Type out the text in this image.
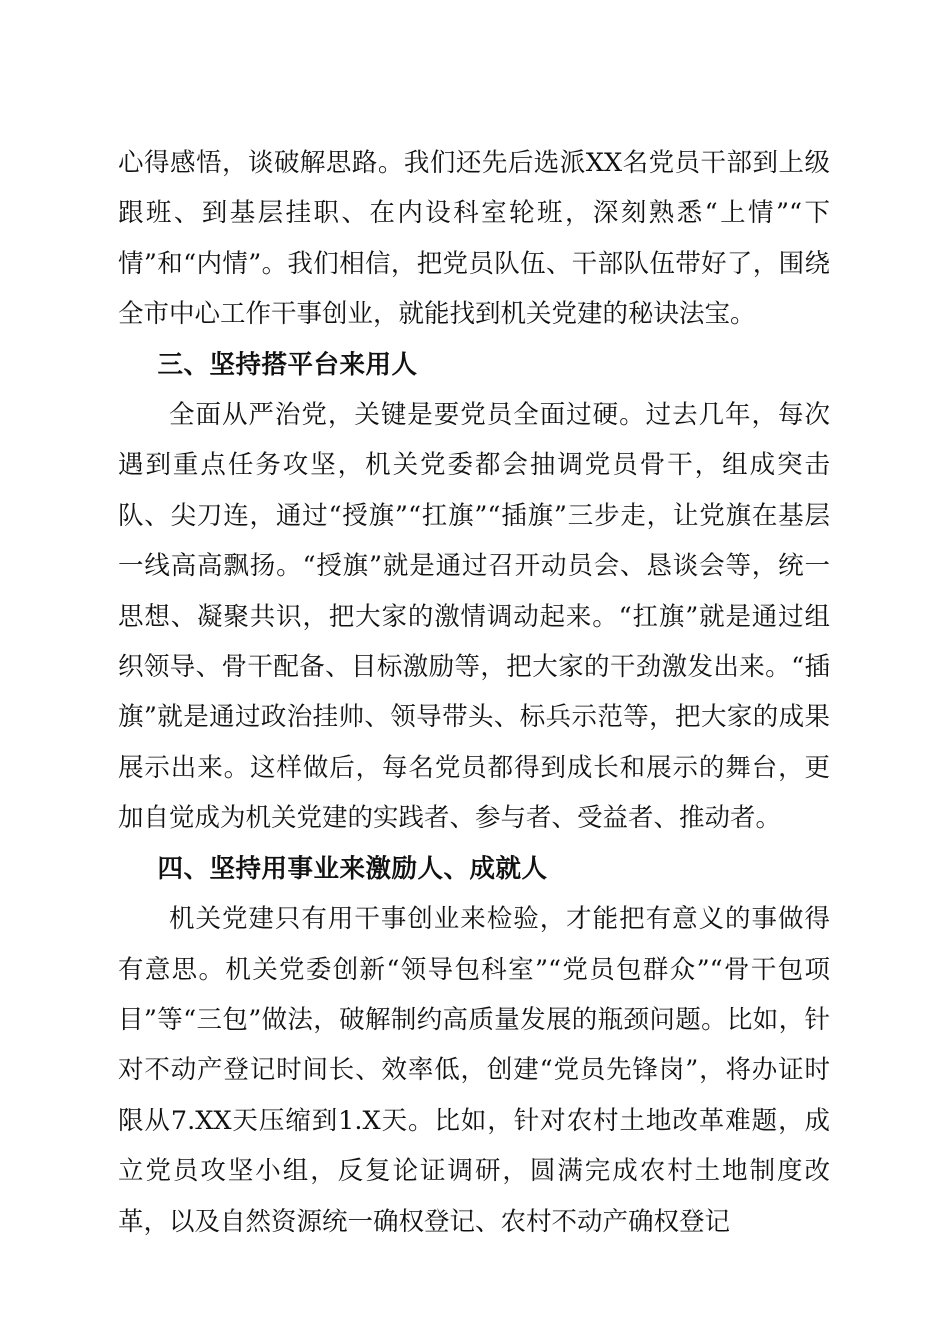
心得感悟，谈破解思路。我们还先后选派XX名党员干部到上级跟班、到基层挂职、在内设科室轮班，深刻熟悉“上情”“下情”和“内情”。我们相信，把党员队伍、干部队伍带好了，围绕全市中心工作干事创业，就能找到机关党建的秘诀法宝。

三、坚持搭平台来用人

全面从严治党，关键是要党员全面过硬。过去几年，每次遇到重点任务攻坚，机关党委都会抽调党员骨干，组成突击队、尖刀连，通过“授旗”“扛旗”“插旗”三步走，让党旗在基层一线高高飘扬。“授旗”就是通过召开动员会、恳谈会等，统一思想、凝聚共识，把大家的激情调动起来。“扛旗”就是通过组织领导、骨干配备、目标激励等，把大家的干劲激发出来。“插旗”就是通过政治挂帅、领导带头、标兵示范等，把大家的成果展示出来。这样做后，每名党员都得到成长和展示的舞台，更加自觉成为机关党建的实践者、参与者、受益者、推动者。

四、坚持用事业来激励人、成就人

机关党建只有用干事创业来检验，才能把有意义的事做得有意思。机关党委创新“领导包科室”“党员包群众”“骨干包项目”等“三包”做法，破解制约高质量发展的瓶颈问题。比如，针对不动产登记时间长、效率低，创建“党员先锋岗”，将办证时限从7.XX天压缩到1.X天。比如，针对农村土地改革难题，成立党员攻坚小组，反复论证调研，圆满完成农村土地制度改革，以及自然资源统一确权登记、农村不动产确权登记
